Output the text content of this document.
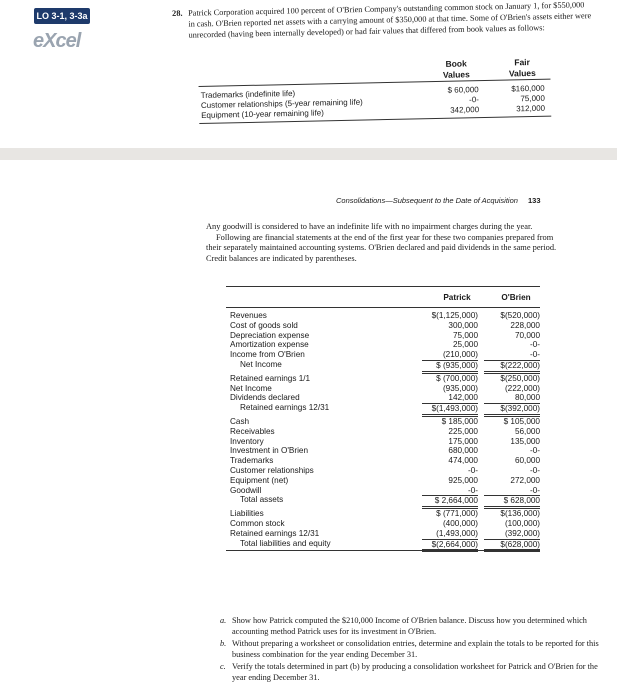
LO 3-1, 3-3a
eXcel
28. Patrick Corporation acquired 100 percent of O'Brien Company's outstanding common stock on January 1, for $550,000 in cash. O'Brien reported net assets with a carrying amount of $350,000 at that time. Some of O'Brien's assets either were unrecorded (having been internally developed) or had fair values that differed from book values as follows:
Book
Values
Fair
Values
Trademarks (indefinite life)	$ 60,000	$160,000
Customer relationships (5-year remaining life)	-0-	75,000
Equipment (10-year remaining life)	342,000	312,000
Consolidations—Subsequent to the Date of Acquisition 133

Any goodwill is considered to have an indefinite life with no impairment charges during the year.

Following are financial statements at the end of the first year for these two companies prepared from their separately maintained accounting systems. O'Brien declared and paid dividends in the same period. Credit balances are indicated by parentheses.

Patrick	O'Brien
Revenues	$(1,125,000)	$(520,000)
Cost of goods sold	300,000	228,000
Depreciation expense	75,000	70,000
Amortization expense	25,000	-0-
Income from O'Brien	(210,000)	-0-
Net Income	$ (935,000)	$(222,000)
Retained earnings 1/1	$ (700,000)	$(250,000)
Net Income	(935,000)	(222,000)
Dividends declared	142,000	80,000
Retained earnings 12/31	$(1,493,000)	$(392,000)
Cash	$ 185,000	$ 105,000
Receivables	225,000	56,000
Inventory	175,000	135,000
Investment in O'Brien	680,000	-0-
Trademarks	474,000	60,000
Customer relationships	-0-	-0-
Equipment (net)	925,000	272,000
Goodwill	-0-	-0-
Total assets	$ 2,664,000	$ 628,000
Liabilities	$ (771,000)	$(136,000)
Common stock	(400,000)	(100,000)
Retained earnings 12/31	(1,493,000)	(392,000)
Total liabilities and equity	$(2,664,000)	$(628,000)
a. Show how Patrick computed the $210,000 Income of O'Brien balance. Discuss how you determined which accounting method Patrick uses for its investment in O'Brien.
b. Without preparing a worksheet or consolidation entries, determine and explain the totals to be reported for this business combination for the year ending December 31.
c. Verify the totals determined in part (b) by producing a consolidation worksheet for Patrick and O'Brien for the year ending December 31.
